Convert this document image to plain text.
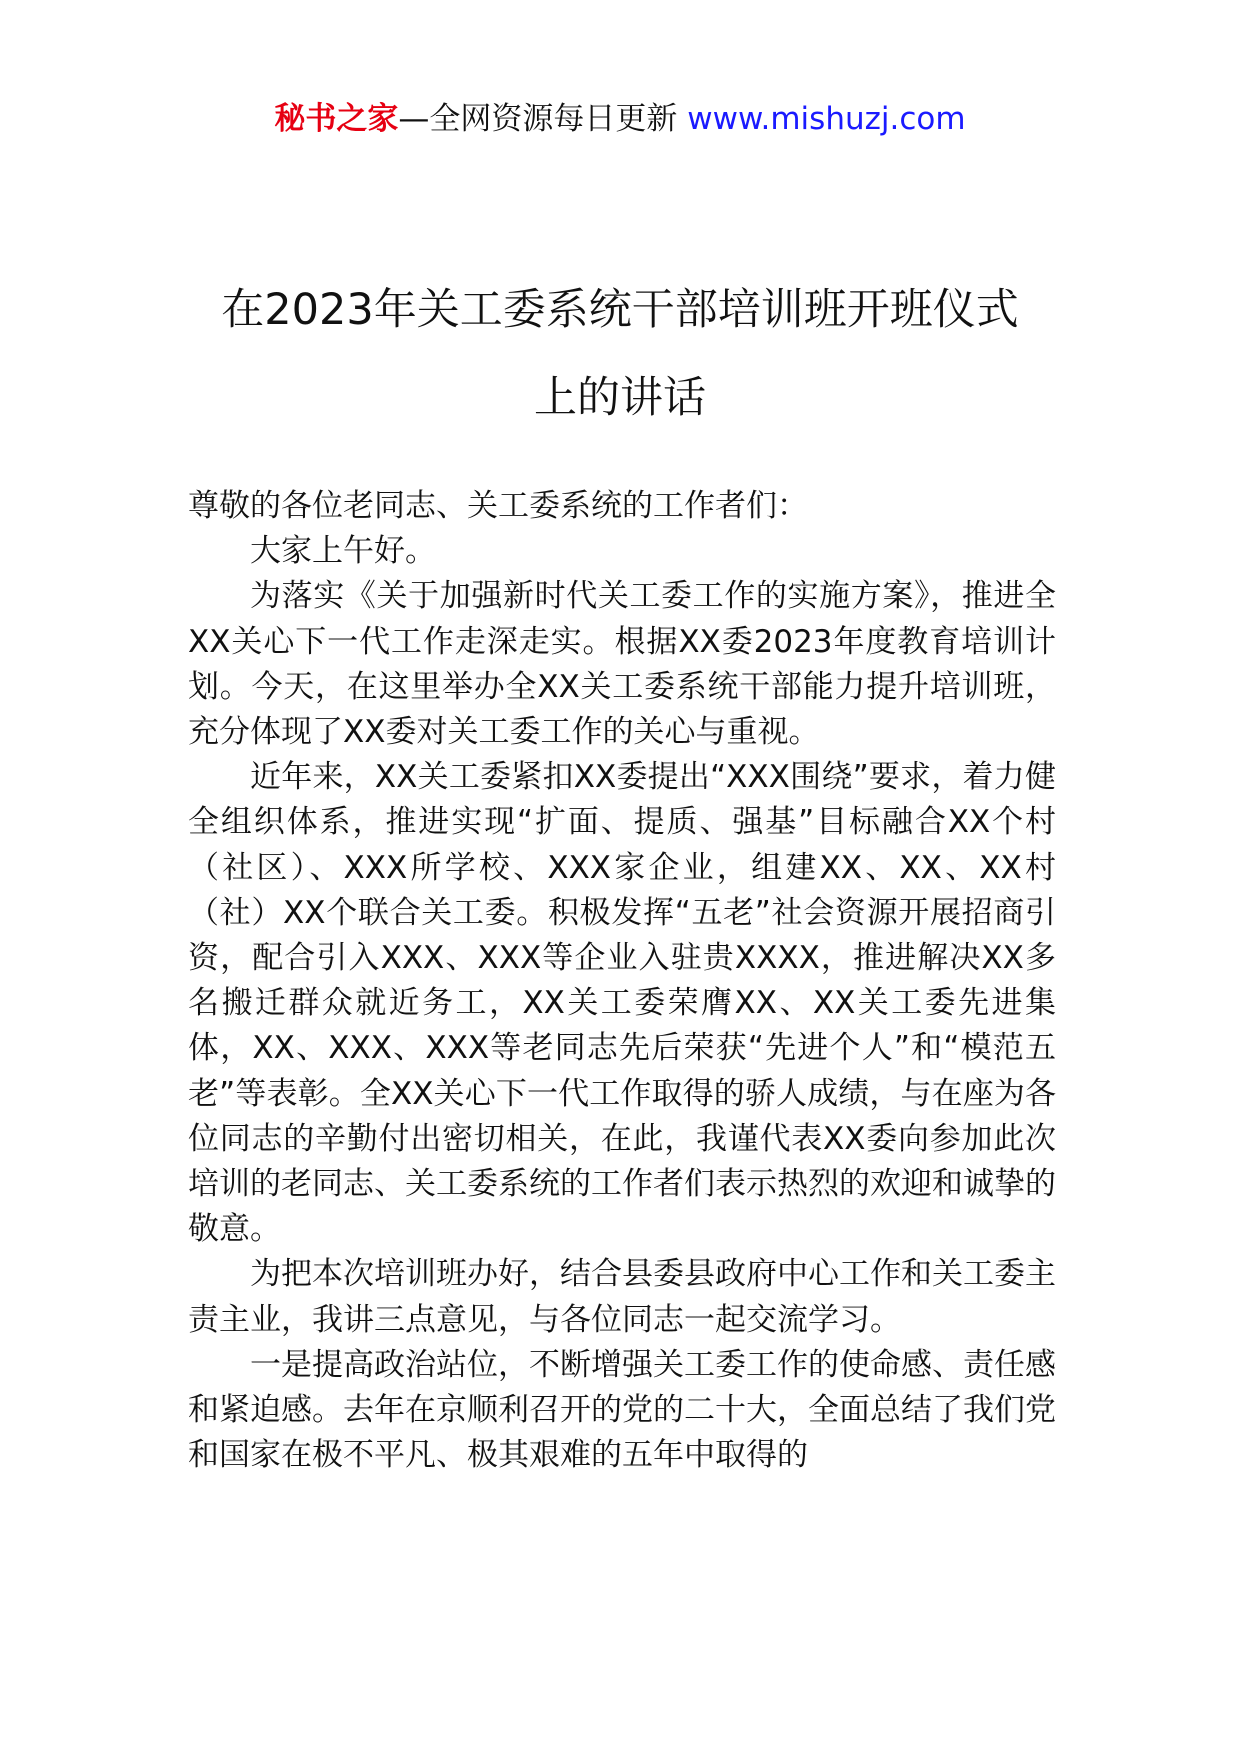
秘书之家—全网资源每日更新 www.mishuzj.com
在2023年关工委系统干部培训班开班仪式
上的讲话

尊敬的各位老同志、关工委系统的工作者们：

大家上午好。

为落实《关于加强新时代关工委工作的实施方案》，推进全XX关心下一代工作走深走实。根据XX委2023年度教育培训计划。今天，在这里举办全XX关工委系统干部能力提升培训班，充分体现了XX委对关工委工作的关心与重视。

近年来，XX关工委紧扣XX委提出“XXX围绕”要求，着力健全组织体系，推进实现“扩面、提质、强基”目标融合XX个村（社区）、XXX所学校、XXX家企业，组建XX、XX、XX村（社）XX个联合关工委。积极发挥“五老”社会资源开展招商引资，配合引入XXX、XXX等企业入驻贵XXXX，推进解决XX多名搬迁群众就近务工，XX关工委荣膺XX、XX关工委先进集体，XX、XXX、XXX等老同志先后荣获“先进个人”和“模范五老”等表彰。全XX关心下一代工作取得的骄人成绩，与在座为各位同志的辛勤付出密切相关，在此，我谨代表XX委向参加此次培训的老同志、关工委系统的工作者们表示热烈的欢迎和诚挚的敬意。

为把本次培训班办好，结合县委县政府中心工作和关工委主责主业，我讲三点意见，与各位同志一起交流学习。

一是提高政治站位，不断增强关工委工作的使命感、责任感和紧迫感。去年在京顺利召开的党的二十大，全面总结了我们党和国家在极不平凡、极其艰难的五年中取得的
